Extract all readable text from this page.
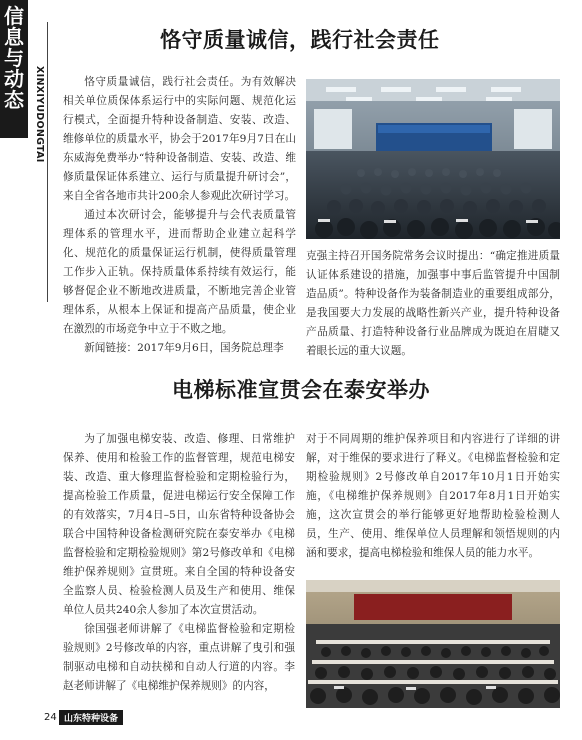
信息与动态 XINXIYUDONGTAI
恪守质量诚信，践行社会责任

恪守质量诚信，践行社会责任。为有效解决相关单位质保体系运行中的实际问题、规范化运行模式，全面提升特种设备制造、安装、改造、维修单位的质量水平，协会于2017年9月7日在山东威海免费举办“特种设备制造、安装、改造、维修质量保证体系建立、运行与质量提升研讨会”，来自全省各地市共计200余人参观此次研讨学习。

通过本次研讨会，能够提升与会代表质量管理体系的管理水平，进而帮助企业建立起科学化、规范化的质量保证运行机制，使得质量管理工作步入正轨。保持质量体系持续有效运行，能够督促企业不断地改进质量，不断地完善企业管理体系，从根本上保证和提高产品质量，使企业在激烈的市场竞争中立于不败之地。

新闻链接：2017年9月6日，国务院总理李

克强主持召开国务院常务会议时提出：“确定推进质量认证体系建设的措施，加强事中事后监管提升中国制造品质”。特种设备作为装备制造业的重要组成部分，是我国要大力发展的战略性新兴产业，提升特种设备产品质量、打造特种设备行业品牌成为既迫在眉睫又着眼长远的重大议题。

电梯标准宣贯会在泰安举办

为了加强电梯安装、改造、修理、日常维护保养、使用和检验工作的监督管理，规范电梯安装、改造、重大修理监督检验和定期检验行为，提高检验工作质量，促进电梯运行安全保障工作的有效落实，7月4日–5日，山东省特种设备协会联合中国特种设备检测研究院在泰安举办《电梯监督检验和定期检验规则》第2号修改单和《电梯维护保养规则》宣贯班。来自全国的特种设备安全监察人员、检验检测人员及生产和使用、维保单位人员共240余人参加了本次宣贯活动。

徐国强老师讲解了《电梯监督检验和定期检验规则》2号修改单的内容，重点讲解了曳引和强制驱动电梯和自动扶梯和自动人行道的内容。李赵老师讲解了《电梯维护保养规则》的内容，

对于不同周期的维护保养项目和内容进行了详细的讲解，对于维保的要求进行了释义。《电梯监督检验和定期检验规则》2号修改单自2017年10月1日开始实施，《电梯维护保养规则》自2017年8月1日开始实施，这次宣贯会的举行能够更好地帮助检验检测人员，生产、使用、维保单位人员理解和领悟规则的内涵和要求，提高电梯检验和维保人员的能力水平。

24 山东特种设备
